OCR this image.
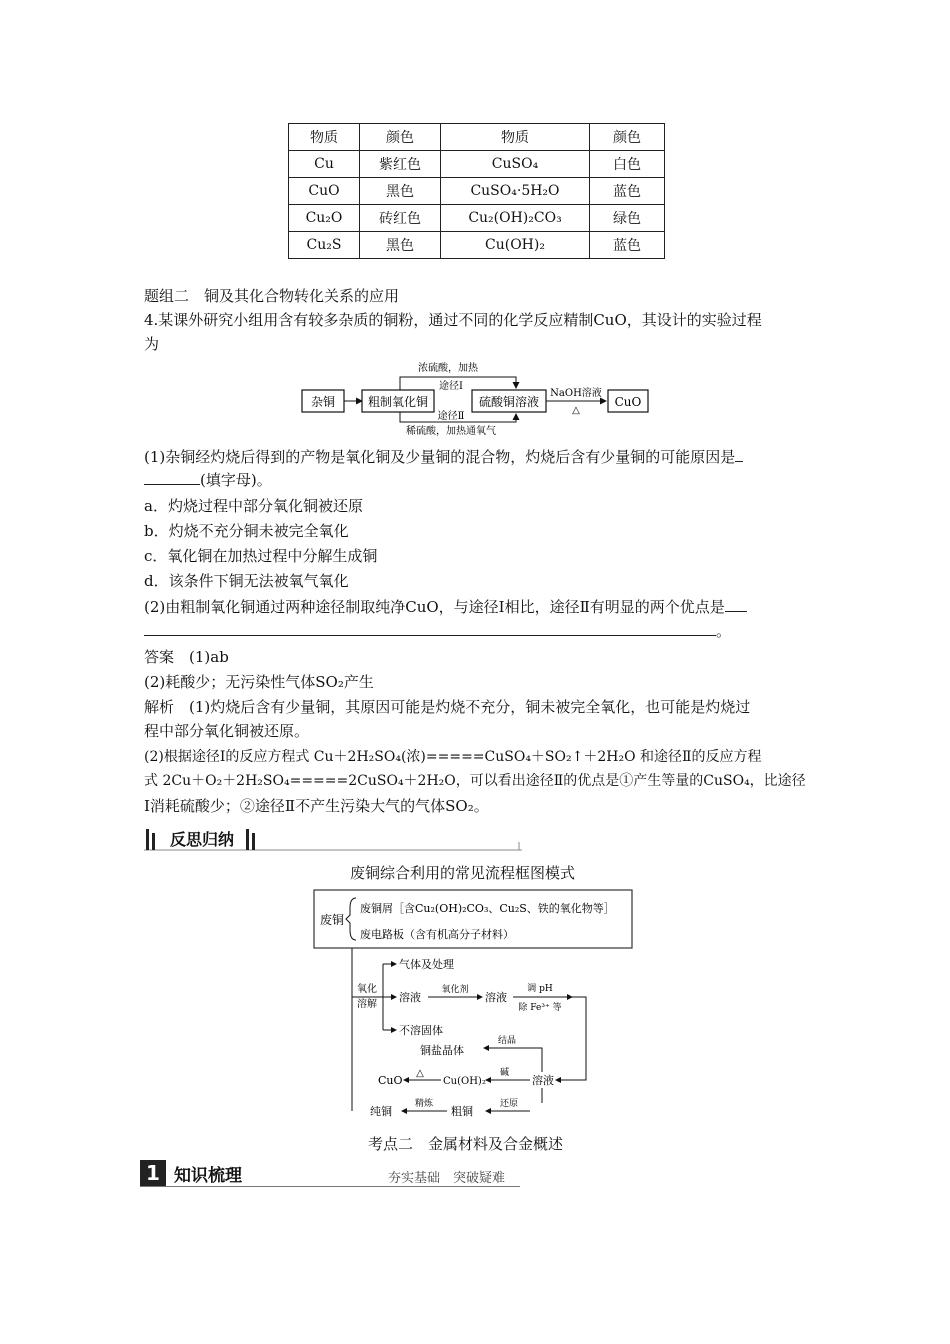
物质	颜色	物质	颜色
Cu	紫红色	CuSO₄	白色
CuO	黑色	CuSO₄·5H₂O	蓝色
Cu₂O	砖红色	Cu₂(OH)₂CO₃	绿色
Cu₂S	黑色	Cu(OH)₂	蓝色
题组二　铜及其化合物转化关系的应用
4.某课外研究小组用含有较多杂质的铜粉，通过不同的化学反应精制CuO，其设计的实验过程
为
杂铜	粗制氧化铜
浓硫酸，加热
途径Ⅰ
途径Ⅱ
稀硫酸，加热通氧气
硫酸铜溶液
NaOH溶液
△
CuO
(1)杂铜经灼烧后得到的产物是氧化铜及少量铜的混合物，灼烧后含有少量铜的可能原因是
(填字母)。
a．灼烧过程中部分氧化铜被还原
b．灼烧不充分铜未被完全氧化
c．氧化铜在加热过程中分解生成铜
d．该条件下铜无法被氧气氧化
(2)由粗制氧化铜通过两种途径制取纯净CuO，与途径Ⅰ相比，途径Ⅱ有明显的两个优点是
。
答案　(1)ab
(2)耗酸少；无污染性气体SO₂产生
解析　(1)灼烧后含有少量铜，其原因可能是灼烧不充分，铜未被完全氧化，也可能是灼烧过
程中部分氧化铜被还原。
(2)根据途径Ⅰ的反应方程式 Cu＋2H₂SO₄(浓)=====CuSO₄＋SO₂↑＋2H₂O 和途径Ⅱ的反应方程
式 2Cu＋O₂＋2H₂SO₄=====2CuSO₄＋2H₂O，可以看出途径Ⅱ的优点是①产生等量的CuSO₄，比途径
Ⅰ消耗硫酸少；②途径Ⅱ不产生污染大气的气体SO₂。
反思归纳
废铜综合利用的常见流程框图模式
废铜
废铜屑［含Cu₂(OH)₂CO₃、Cu₂S、铁的氧化物等］
废电路板（含有机高分子材料）
氧化
溶解
气体及处理
溶液
氧化剂
溶液
调 pH
除 Fe³⁺ 等
不溶固体
铜盐晶体
结晶
溶液
碱
Cu(OH)₂
△
CuO
还原
粗铜
精炼
纯铜
考点二　金属材料及合金概述
1 知识梳理	夯实基础　突破疑难
